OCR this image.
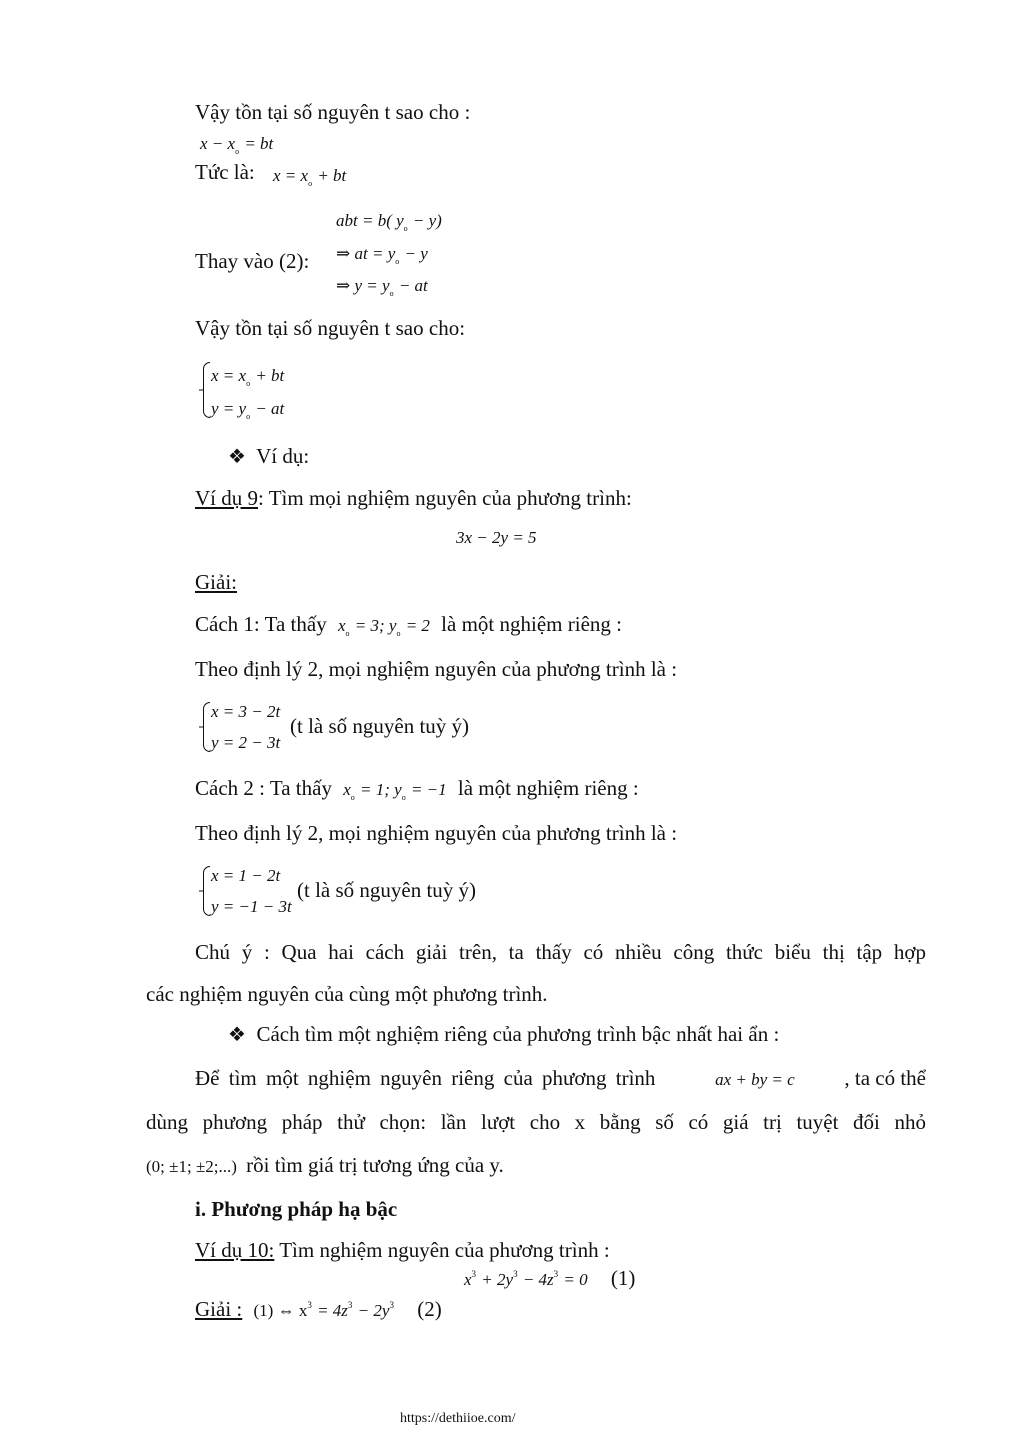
Vậy tồn tại số nguyên t sao cho :
$x - x_o$ = bt
Tức là: $x = x_o$ + bt
abt = b( $y_o - y$)
Thay vào (2): ⇒ at = $y_o - y$
⇒ $y = y_o$ − at
Vậy tồn tại số nguyên t sao cho:
$x = x_o$ + bt
$y = y_o$ − at
❖ Ví dụ:
Ví dụ 9: Tìm mọi nghiệm nguyên của phương trình:
3x − 2y = 5
Giải:
Cách 1: Ta thấy $x_o = 3$; $y_o = 2$ là một nghiệm riêng :
Theo định lý 2, mọi nghiệm nguyên của phương trình là :
x = 3 − 2t
y = 2 − 3t
(t là số nguyên tuỳ ý)
Cách 2 : Ta thấy $x_o = 1$; $y_o = -1$ là một nghiệm riêng :
Theo định lý 2, mọi nghiệm nguyên của phương trình là :
x = 1 − 2t
y = −1 − 3t
(t là số nguyên tuỳ ý)
Chú ý : Qua hai cách giải trên, ta thấy có nhiều công thức biểu thị tập hợp
các nghiệm nguyên của cùng một phương trình.
❖ Cách tìm một nghiệm riêng của phương trình bậc nhất hai ẩn :
Để tìm một nghiệm nguyên riêng của phương trình	ax + by = c , ta có thể
dùng phương pháp thử chọn: lần lượt cho x bằng số có giá trị tuyệt đối nhỏ
(0; ±1; ±2;...) rồi tìm giá trị tương ứng của y.
i. Phương pháp hạ bậc
Ví dụ 10: Tìm nghiệm nguyên của phương trình :
$x^3 + 2y^3 - 4z^3 = 0$ (1)
Giải : (1) ⇔ $x^3 = 4z^3 - 2y^3$ (2)
https://dethiioe.com/
